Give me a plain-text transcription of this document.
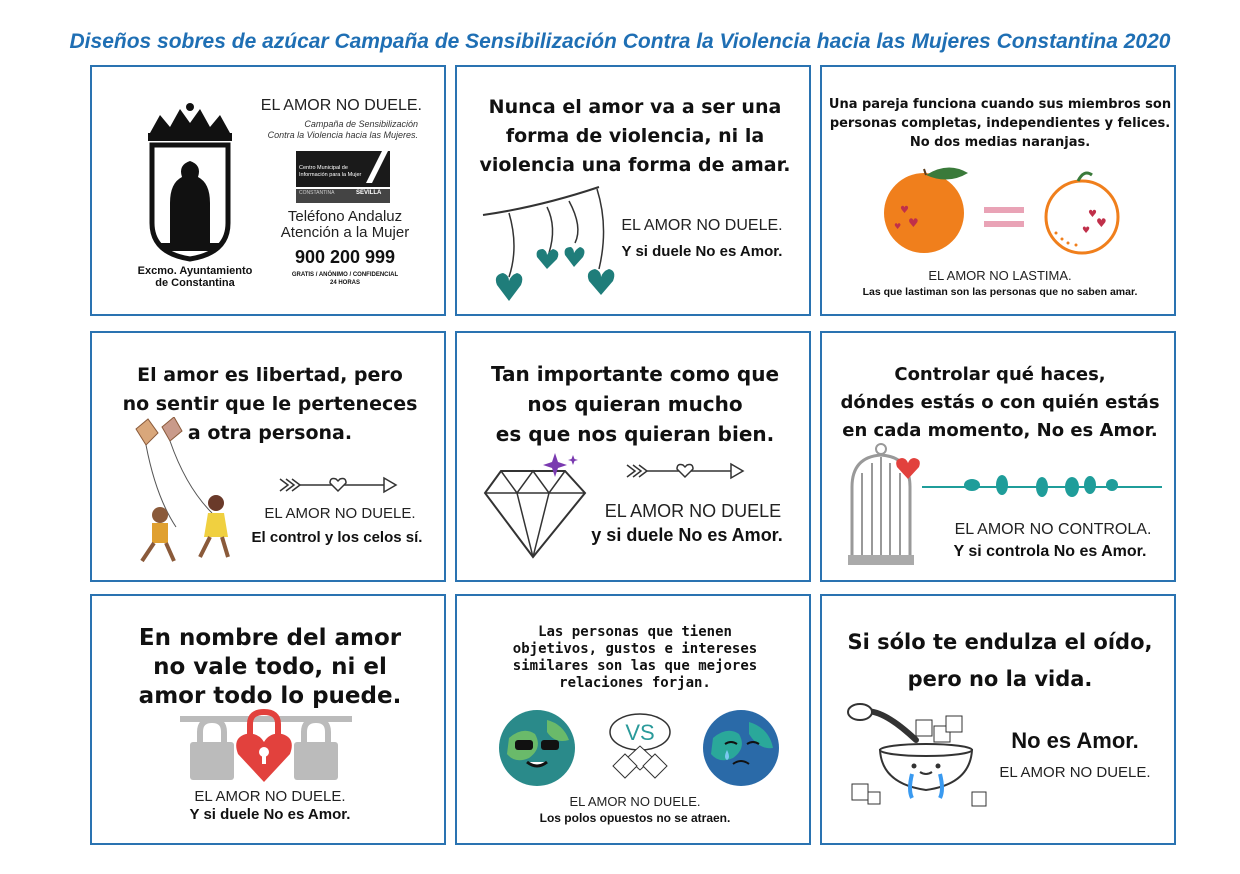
Diseños sobres de azúcar Campaña de Sensibilización Contra la Violencia hacia las Mujeres Constantina 2020
Excmo. Ayuntamiento
de Constantina
EL AMOR NO DUELE.
Campaña de Sensibilización
Contra la Violencia hacia las Mujeres.
Centro Municipal de
Información para la Mujer
CONSTANTINA	SEVILLA
Teléfono Andaluz
Atención a la Mujer
900 200 999
GRATIS / ANÓNIMO / CONFIDENCIAL
24 HORAS
Nunca el amor va a ser una
forma de violencia, ni la
violencia una forma de amar.
EL AMOR NO DUELE.
Y si duele No es Amor.
Una pareja funciona cuando sus miembros son
personas completas, independientes y felices.
No dos medias naranjas.
♥
♥
♥
♥
♥
♥
EL AMOR NO LASTIMA.
Las que lastiman son las personas que no saben amar.
El amor es libertad, pero
no sentir que le perteneces
a otra persona.
EL AMOR NO DUELE.
El control y los celos sí.
Tan importante como que
nos quieran mucho
es que nos quieran bien.
EL AMOR NO DUELE
y si duele No es Amor.
Controlar qué haces,
dóndes estás o con quién estás
en cada momento, No es Amor.
EL AMOR NO CONTROLA.
Y si controla No es Amor.
En nombre del amor
no vale todo, ni el
amor todo lo puede.
EL AMOR NO DUELE.
Y si duele No es Amor.
Las personas que tienen
objetivos, gustos e intereses
similares son las que mejores
relaciones forjan.
VS
EL AMOR NO DUELE.
Los polos opuestos no se atraen.
Si sólo te endulza el oído,
pero no la vida.
No es Amor.
EL AMOR NO DUELE.
